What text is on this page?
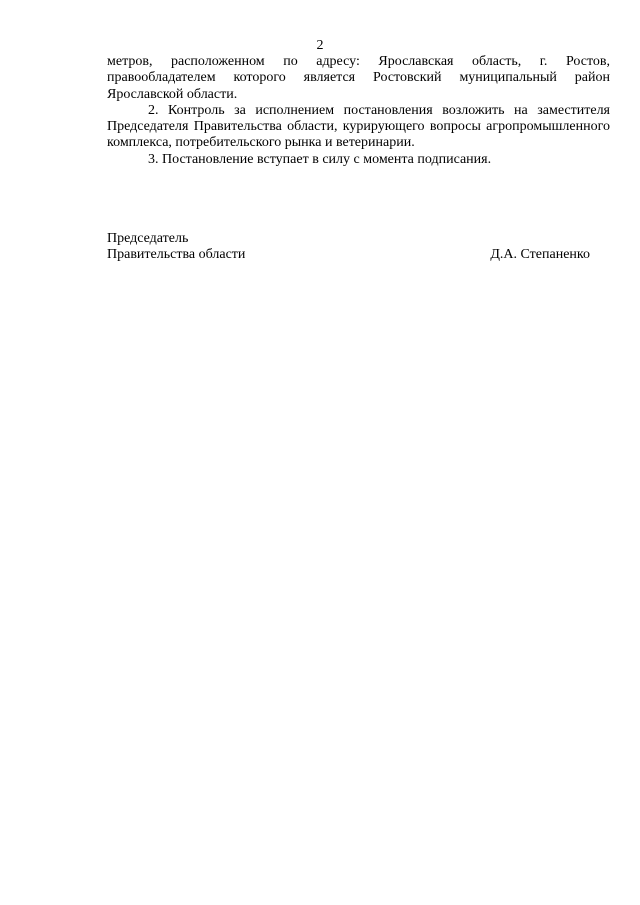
2

метров, расположенном по адресу: Ярославская область, г. Ростов, правообладателем которого является Ростовский муниципальный район Ярославской области.

2. Контроль за исполнением постановления возложить на заместителя Председателя Правительства области, курирующего вопросы агропромышленного комплекса, потребительского рынка и ветеринарии.

3. Постановление вступает в силу с момента подписания.

Председатель
Правительства области	Д.А. Степаненко
